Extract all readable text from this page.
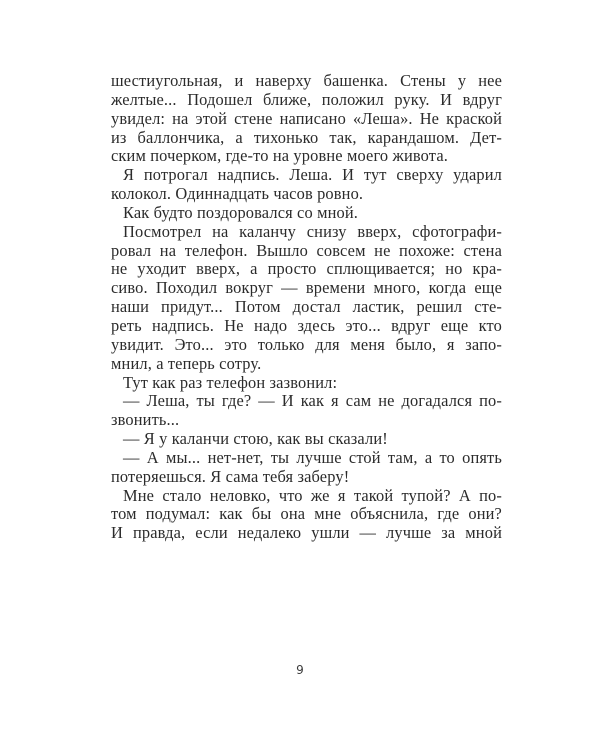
шестиугольная, и наверху башенка. Стены у нее
желтые... Подошел ближе, положил руку. И вдруг
увидел: на этой стене написано «Леша». Не краской
из баллончика, а тихонько так, карандашом. Дет-
ским почерком, где-то на уровне моего живота.
Я потрогал надпись. Леша. И тут сверху ударил
колокол. Одиннадцать часов ровно.
Как будто поздоровался со мной.
Посмотрел на каланчу снизу вверх, сфотографи-
ровал на телефон. Вышло совсем не похоже: стена
не уходит вверх, а просто сплющивается; но кра-
сиво. Походил вокруг — времени много, когда еще
наши придут... Потом достал ластик, решил сте-
реть надпись. Не надо здесь это... вдруг еще кто
увидит. Это... это только для меня было, я запо-
мнил, а теперь сотру.
Тут как раз телефон зазвонил:
— Леша, ты где? — И как я сам не догадался по-
звонить...
— Я у каланчи стою, как вы сказали!
— А мы... нет-нет, ты лучше стой там, а то опять
потеряешься. Я сама тебя заберу!
Мне стало неловко, что же я такой тупой? А по-
том подумал: как бы она мне объяснила, где они?
И правда, если недалеко ушли — лучше за мной
9
